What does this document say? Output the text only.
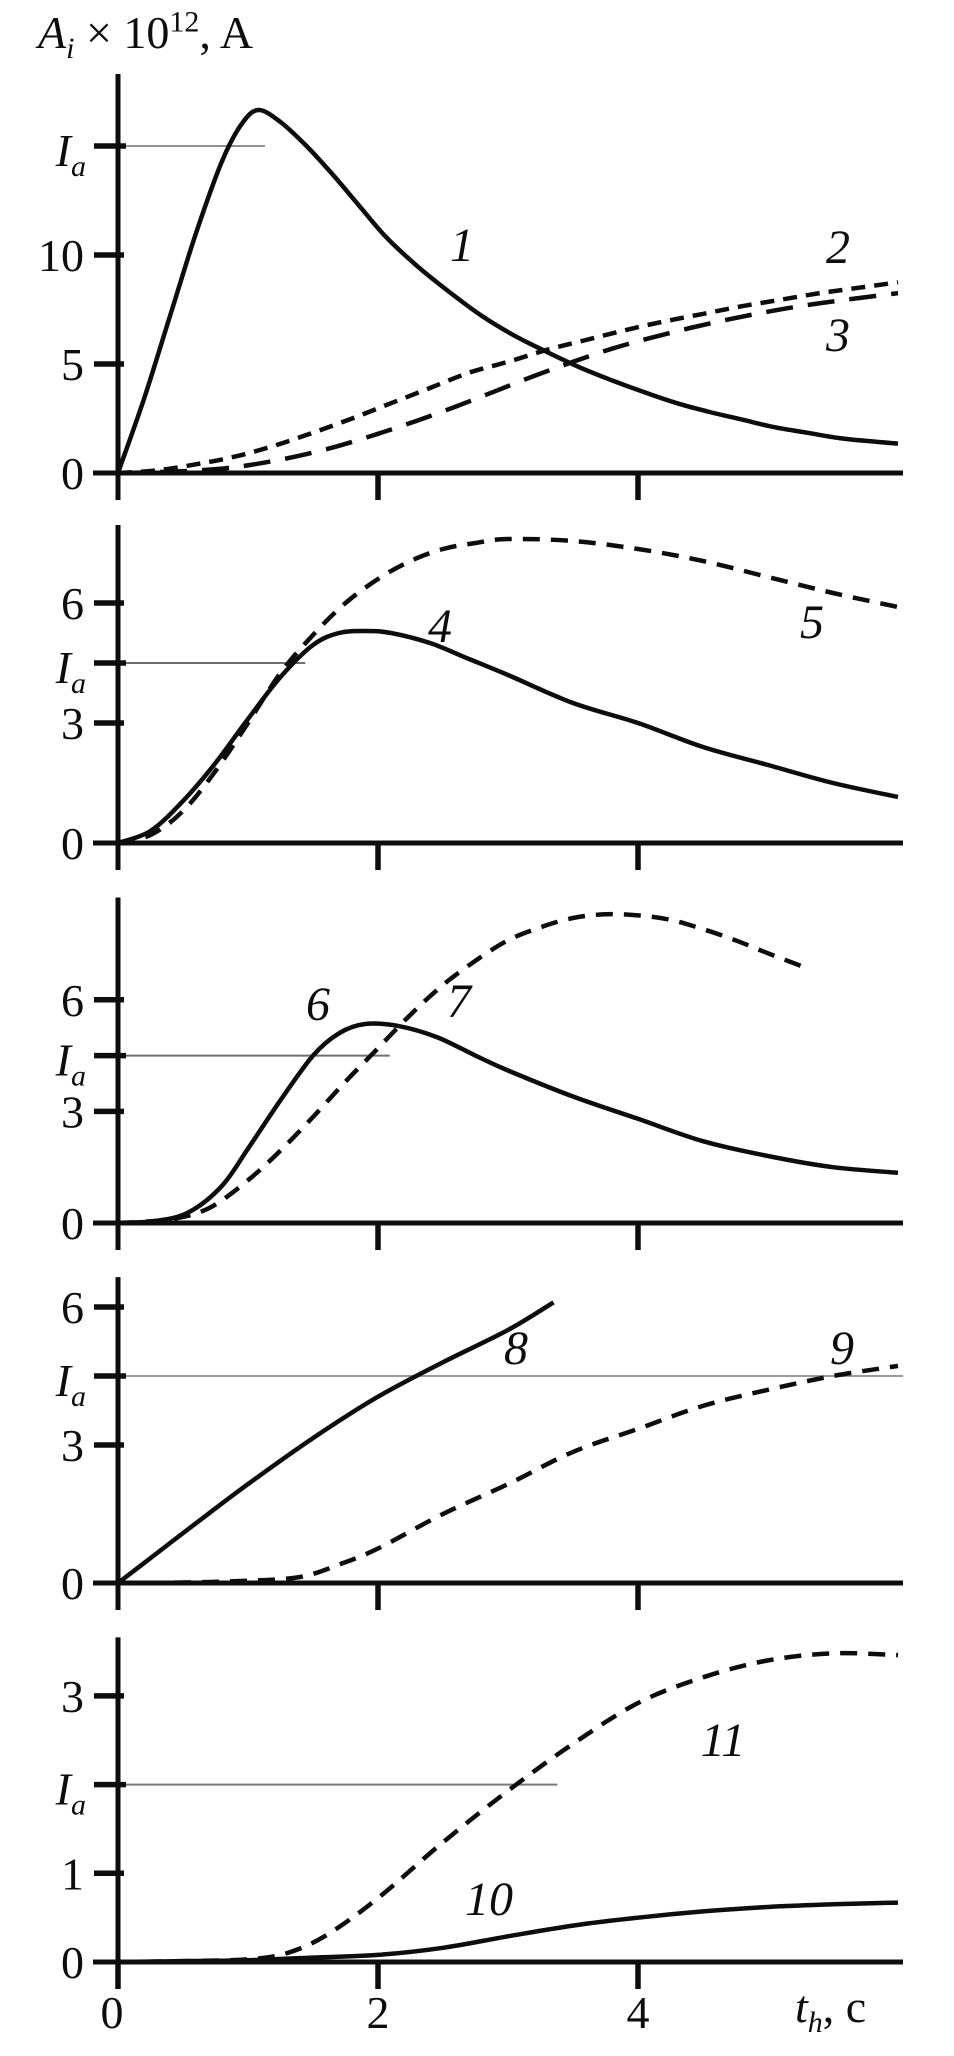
$A_i \times 10^{12}$, A
0
5
10
Ia
1	2
3
0
3
6
Ia
4	5
0
3
6
Ia
6 7
0
3
6
Ia
8	9
0
1
3
Ia
0	2	4	th, c
10
11
